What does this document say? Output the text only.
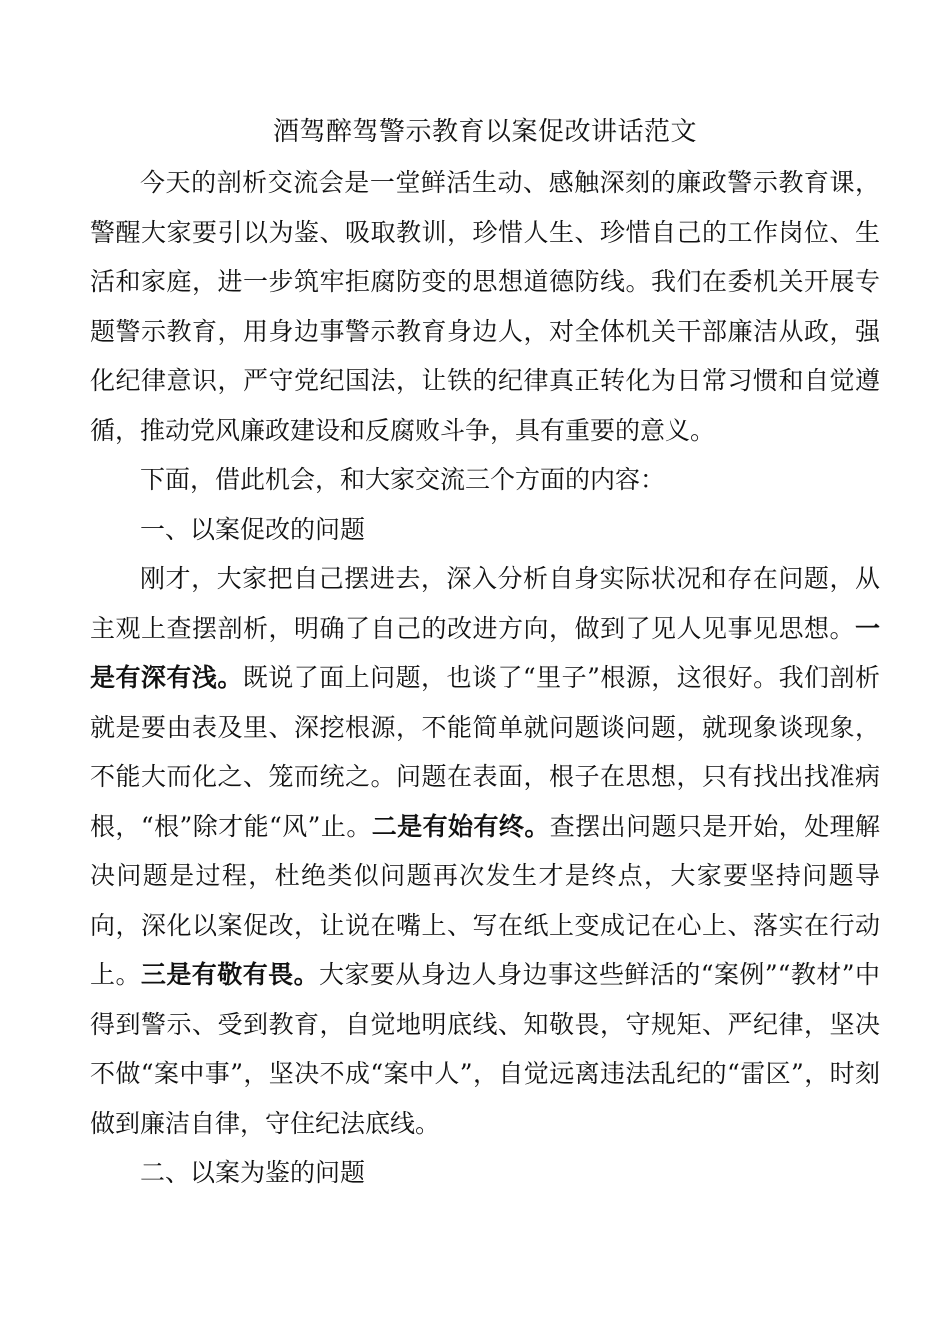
酒驾醉驾警示教育以案促改讲话范文

今天的剖析交流会是一堂鲜活生动、感触深刻的廉政警示教育课，警醒大家要引以为鉴、吸取教训，珍惜人生、珍惜自己的工作岗位、生活和家庭，进一步筑牢拒腐防变的思想道德防线。我们在委机关开展专题警示教育，用身边事警示教育身边人，对全体机关干部廉洁从政，强化纪律意识，严守党纪国法，让铁的纪律真正转化为日常习惯和自觉遵循，推动党风廉政建设和反腐败斗争，具有重要的意义。

下面，借此机会，和大家交流三个方面的内容：

一、以案促改的问题

刚才，大家把自己摆进去，深入分析自身实际状况和存在问题，从主观上查摆剖析，明确了自己的改进方向，做到了见人见事见思想。一是有深有浅。既说了面上问题，也谈了“里子”根源，这很好。我们剖析就是要由表及里、深挖根源，不能简单就问题谈问题，就现象谈现象，不能大而化之、笼而统之。问题在表面，根子在思想，只有找出找准病根，“根”除才能“风”止。二是有始有终。查摆出问题只是开始，处理解决问题是过程，杜绝类似问题再次发生才是终点，大家要坚持问题导向，深化以案促改，让说在嘴上、写在纸上变成记在心上、落实在行动上。三是有敬有畏。大家要从身边人身边事这些鲜活的“案例”“教材”中得到警示、受到教育，自觉地明底线、知敬畏，守规矩、严纪律，坚决不做“案中事”，坚决不成“案中人”，自觉远离违法乱纪的“雷区”，时刻做到廉洁自律，守住纪法底线。

二、以案为鉴的问题
